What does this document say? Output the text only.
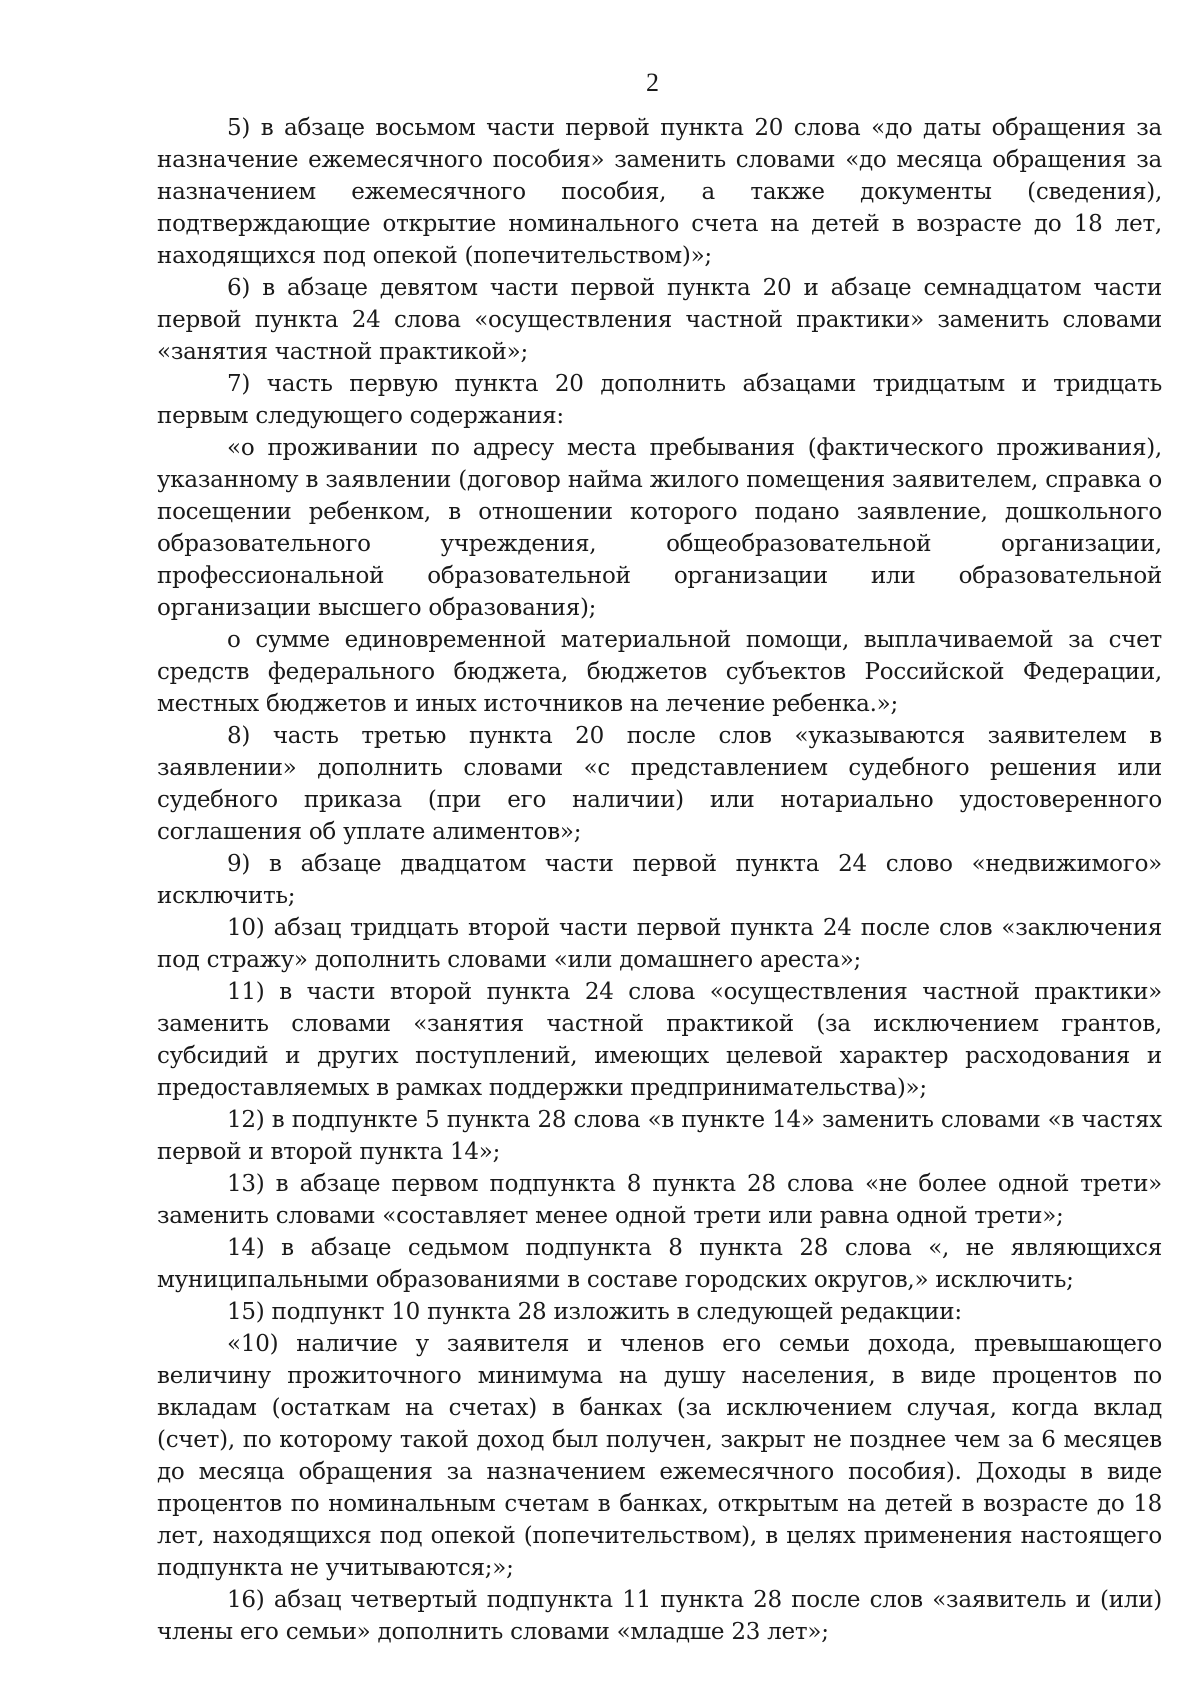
2

5) в абзаце восьмом части первой пункта 20 слова «до даты обращения за назначение ежемесячного пособия» заменить словами «до месяца обращения за назначением ежемесячного пособия, а также документы (сведения), подтверждающие открытие номинального счета на детей в возрасте до 18 лет, находящихся под опекой (попечительством)»;

6) в абзаце девятом части первой пункта 20 и абзаце семнадцатом части первой пункта 24 слова «осуществления частной практики» заменить словами «занятия частной практикой»;

7) часть первую пункта 20 дополнить абзацами тридцатым и тридцать первым следующего содержания:

«о проживании по адресу места пребывания (фактического проживания), указанному в заявлении (договор найма жилого помещения заявителем, справка о посещении ребенком, в отношении которого подано заявление, дошкольного образовательного учреждения, общеобразовательной организации, профессиональной образовательной организации или образовательной организации высшего образования);

о сумме единовременной материальной помощи, выплачиваемой за счет средств федерального бюджета, бюджетов субъектов Российской Федерации, местных бюджетов и иных источников на лечение ребенка.»;

8) часть третью пункта 20 после слов «указываются заявителем в заявлении» дополнить словами «с представлением судебного решения или судебного приказа (при его наличии) или нотариально удостоверенного соглашения об уплате алиментов»;

9) в абзаце двадцатом части первой пункта 24 слово «недвижимого» исключить;

10) абзац тридцать второй части первой пункта 24 после слов «заключения под стражу» дополнить словами «или домашнего ареста»;

11) в части второй пункта 24 слова «осуществления частной практики» заменить словами «занятия частной практикой (за исключением грантов, субсидий и других поступлений, имеющих целевой характер расходования и предоставляемых в рамках поддержки предпринимательства)»;

12) в подпункте 5 пункта 28 слова «в пункте 14» заменить словами «в частях первой и второй пункта 14»;

13) в абзаце первом подпункта 8 пункта 28 слова «не более одной трети» заменить словами «составляет менее одной трети или равна одной трети»;

14) в абзаце седьмом подпункта 8 пункта 28 слова «, не являющихся муниципальными образованиями в составе городских округов,» исключить;

15) подпункт 10 пункта 28 изложить в следующей редакции:

«10) наличие у заявителя и членов его семьи дохода, превышающего величину прожиточного минимума на душу населения, в виде процентов по вкладам (остаткам на счетах) в банках (за исключением случая, когда вклад (счет), по которому такой доход был получен, закрыт не позднее чем за 6 месяцев до месяца обращения за назначением ежемесячного пособия). Доходы в виде процентов по номинальным счетам в банках, открытым на детей в возрасте до 18 лет, находящихся под опекой (попечительством), в целях применения настоящего подпункта не учитываются;»;

16) абзац четвертый подпункта 11 пункта 28 после слов «заявитель и (или) члены его семьи» дополнить словами «младше 23 лет»;
